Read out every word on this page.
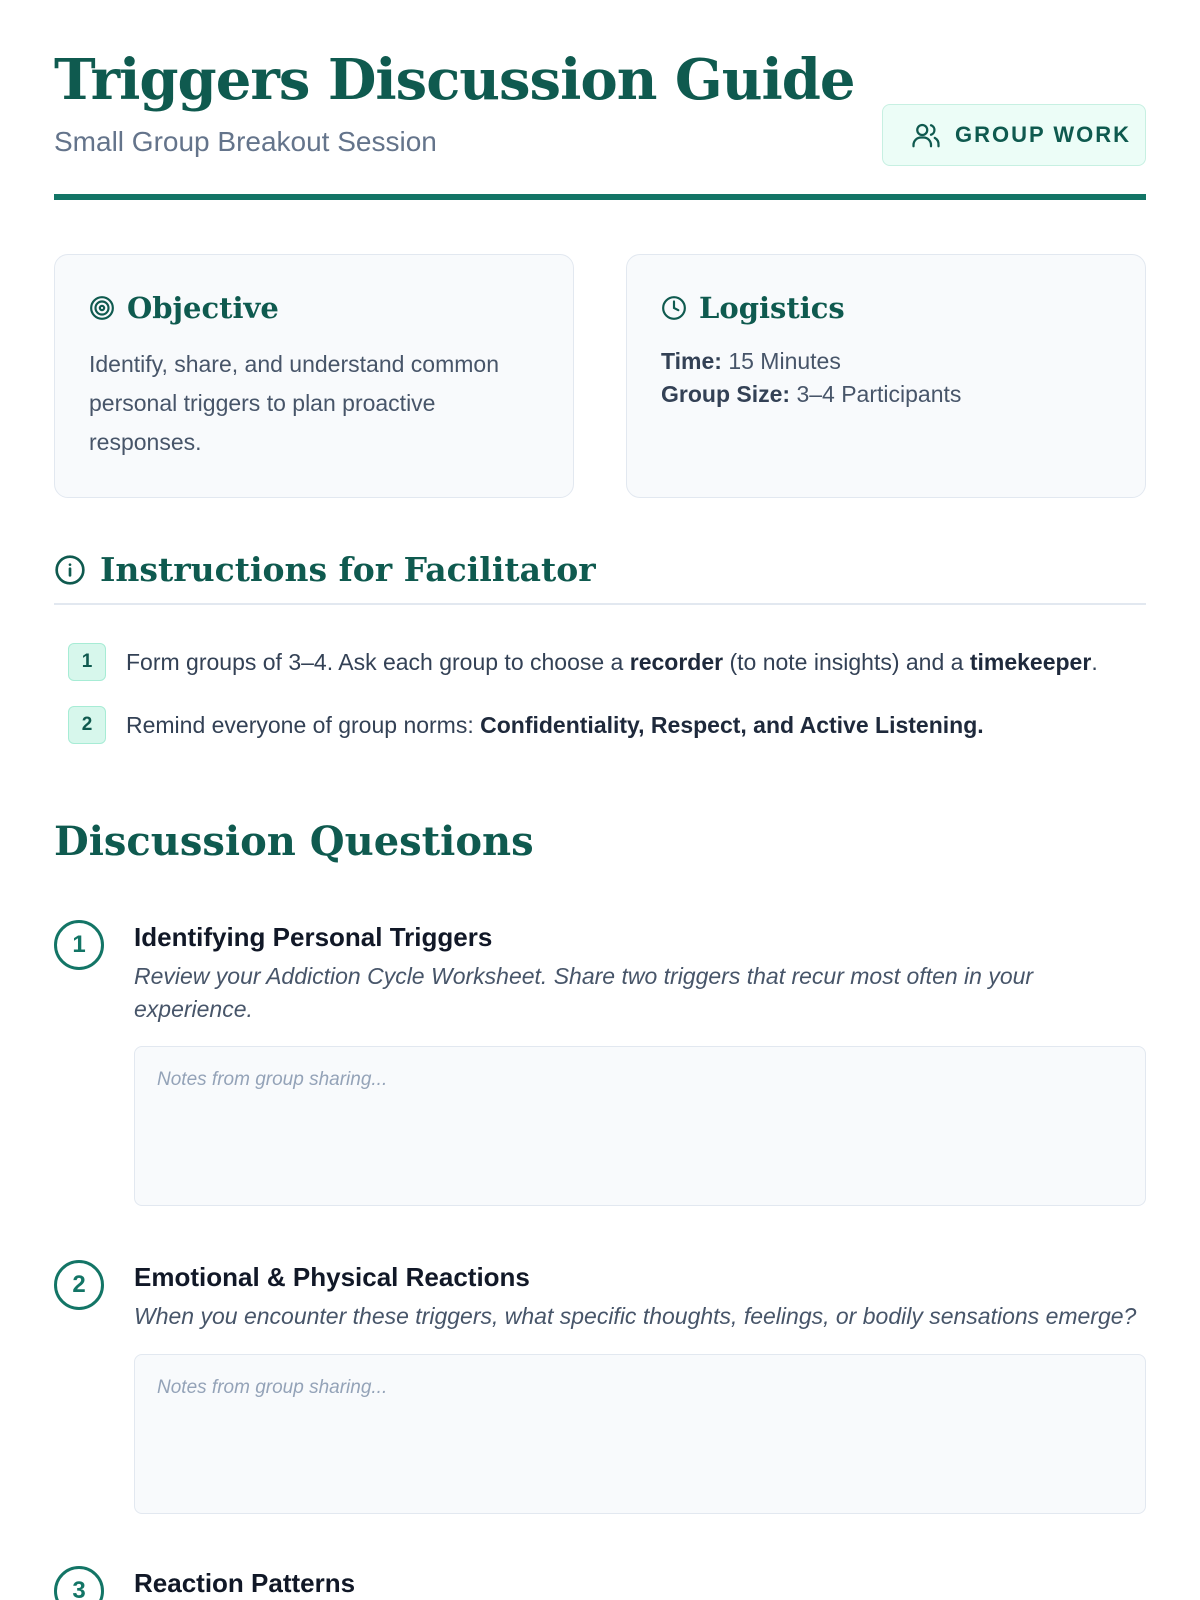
Triggers Discussion Guide
Small Group Breakout Session	GROUP WORK
Objective
Identify, share, and understand common personal triggers to plan proactive responses.
Logistics
Time: 15 Minutes
Group Size: 3–4 Participants
Instructions for Facilitator
1	Form groups of 3–4. Ask each group to choose a recorder (to note insights) and a timekeeper.
2	Remind everyone of group norms: Confidentiality, Respect, and Active Listening.
Discussion Questions
1	Identifying Personal Triggers
Review your Addiction Cycle Worksheet. Share two triggers that recur most often in your experience.
Notes from group sharing...
2	Emotional & Physical Reactions
When you encounter these triggers, what specific thoughts, feelings, or bodily sensations emerge?
Notes from group sharing...
3	Reaction Patterns
